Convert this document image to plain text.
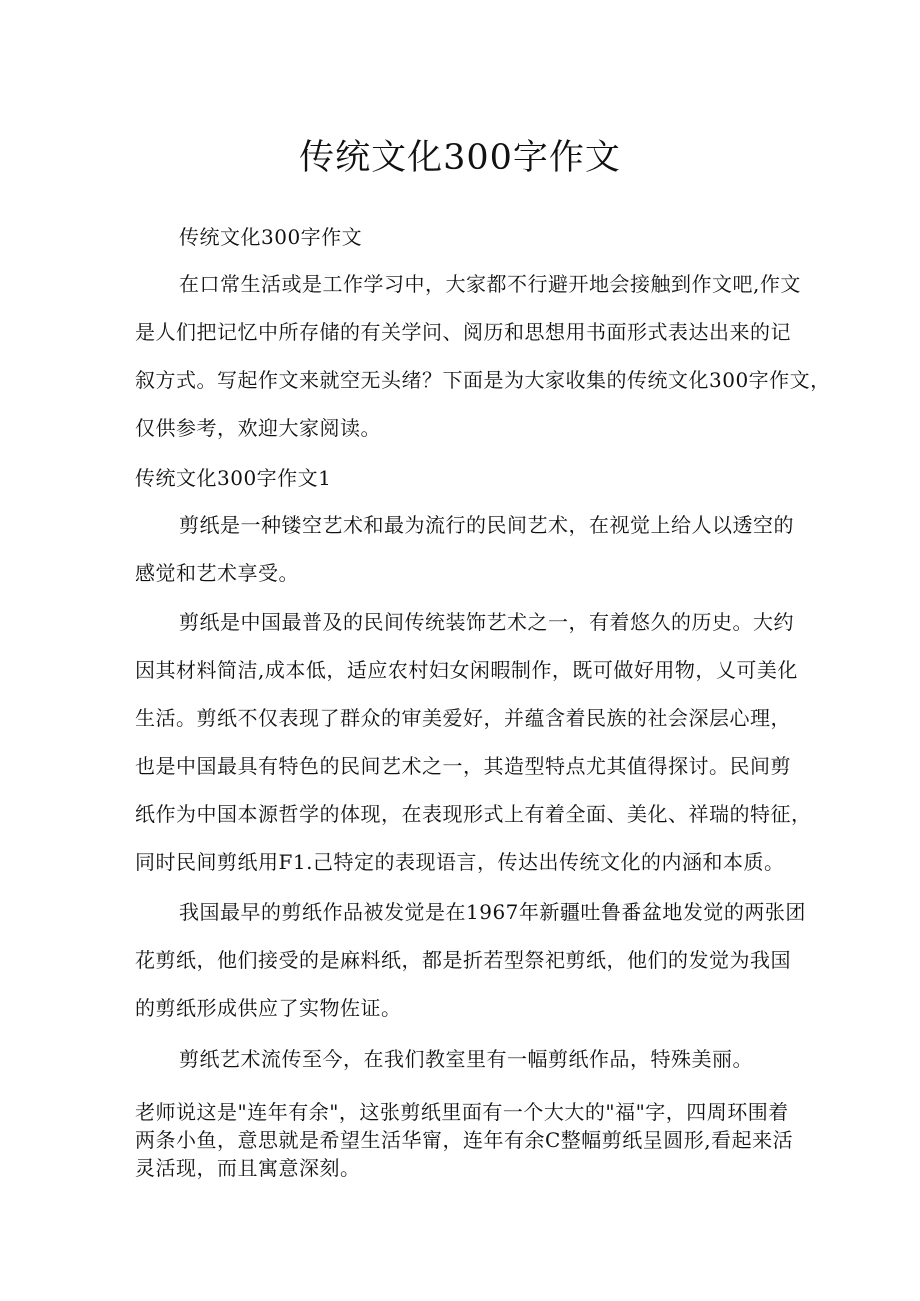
传统文化300字作文
传统文化300字作文
在口常生活或是工作学习中，大家都不行避开地会接触到作文吧,作文
是人们把记忆中所存储的有关学问、阅历和思想用书面形式表达出来的记
叙方式。写起作文来就空无头绪？下面是为大家收集的传统文化300字作文，
仅供参考，欢迎大家阅读。
传统文化300字作文1
剪纸是一种镂空艺术和最为流行的民间艺术，在视觉上给人以透空的
感觉和艺术享受。
剪纸是中国最普及的民间传统装饰艺术之一，有着悠久的历史。大约
因其材料简洁,成本低，适应农村妇女闲暇制作，既可做好用物，乂可美化
生活。剪纸不仅表现了群众的审美爱好，并蕴含着民族的社会深层心理，
也是中国最具有特色的民间艺术之一，其造型特点尤其值得探讨。民间剪
纸作为中国本源哲学的体现，在表现形式上有着全面、美化、祥瑞的特征，
同时民间剪纸用F1.己特定的表现语言，传达出传统文化的内涵和本质。
我国最早的剪纸作品被发觉是在1967年新疆吐鲁番盆地发觉的两张团
花剪纸，他们接受的是麻料纸，都是折若型祭祀剪纸，他们的发觉为我国
的剪纸形成供应了实物佐证。
剪纸艺术流传至今，在我们教室里有一幅剪纸作品，特殊美丽。
老师说这是"连年有余"，这张剪纸里面有一个大大的"福"字，四周环围着
两条小鱼，意思就是希望生活华甯，连年有余C整幅剪纸呈圆形,看起来活
灵活现，而且寓意深刻。
